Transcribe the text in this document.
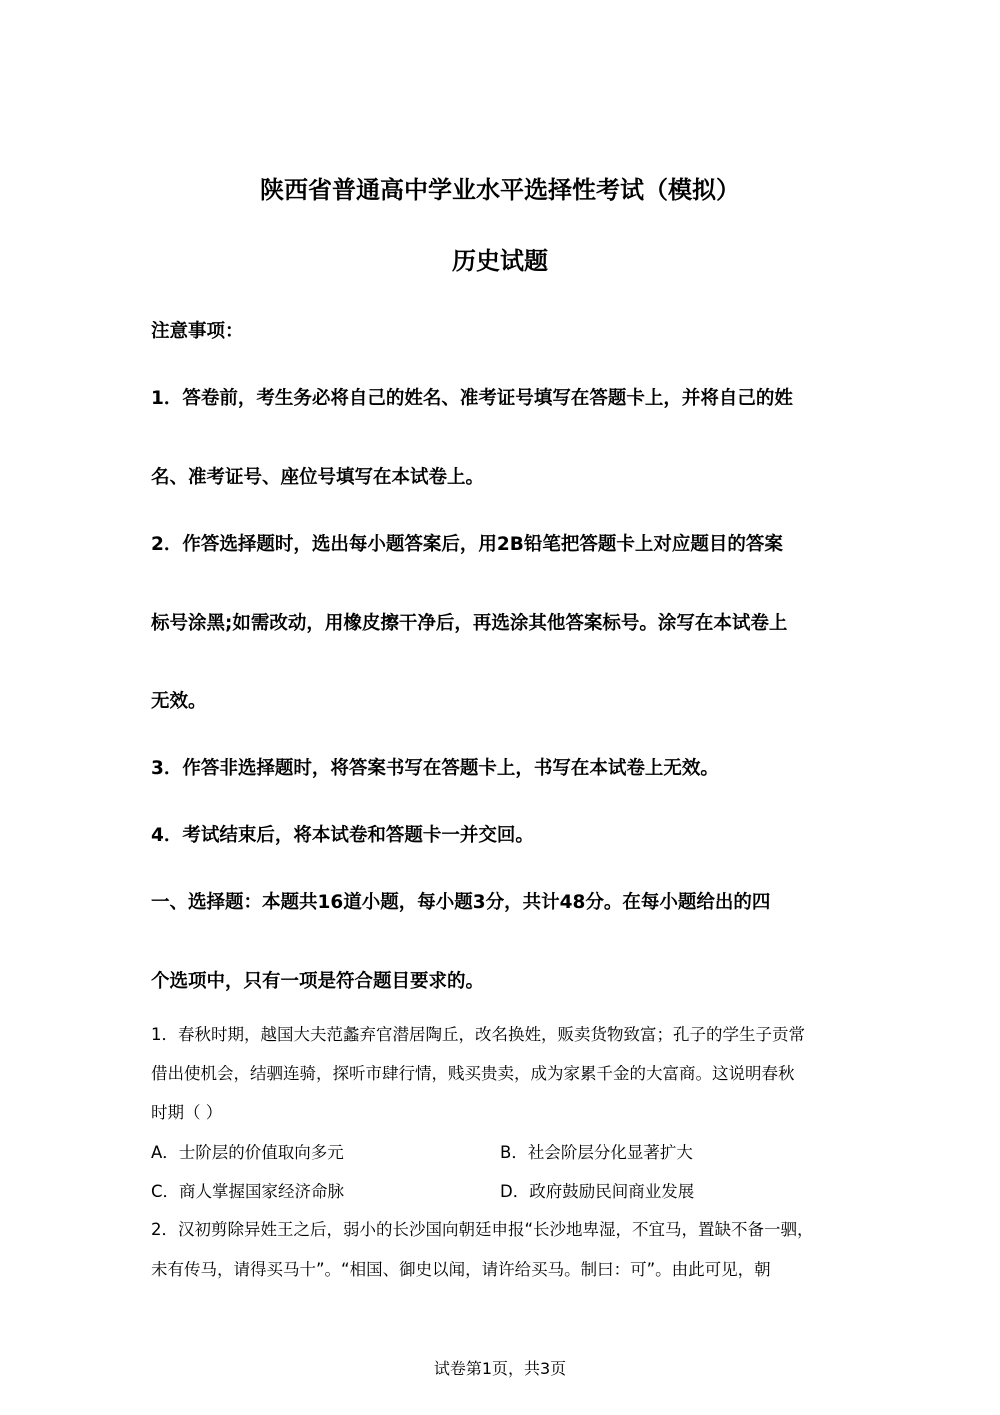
陕西省普通高中学业水平选择性考试（模拟）
历史试题
注意事项：
1．答卷前，考生务必将自己的姓名、准考证号填写在答题卡上，并将自己的姓
名、准考证号、座位号填写在本试卷上。
2．作答选择题时，选出每小题答案后，用2B铅笔把答题卡上对应题目的答案
标号涂黑;如需改动，用橡皮擦干净后，再选涂其他答案标号。涂写在本试卷上
无效。
3．作答非选择题时，将答案书写在答题卡上，书写在本试卷上无效。
4．考试结束后，将本试卷和答题卡一并交回。
一、选择题：本题共16道小题，每小题3分，共计48分。在每小题给出的四
个选项中，只有一项是符合题目要求的。
1．春秋时期，越国大夫范蠡弃官潜居陶丘，改名换姓，贩卖货物致富；孔子的学生子贡常
借出使机会，结驷连骑，探听市肆行情，贱买贵卖，成为家累千金的大富商。这说明春秋
时期（ ）
A．士阶层的价值取向多元	B．社会阶层分化显著扩大
C．商人掌握国家经济命脉	D．政府鼓励民间商业发展
2．汉初剪除异姓王之后，弱小的长沙国向朝廷申报“长沙地卑湿，不宜马，置缺不备一驷，
未有传马，请得买马十”。“相国、御史以闻，请许给买马。制曰：可”。由此可见，朝
试卷第1页，共3页
